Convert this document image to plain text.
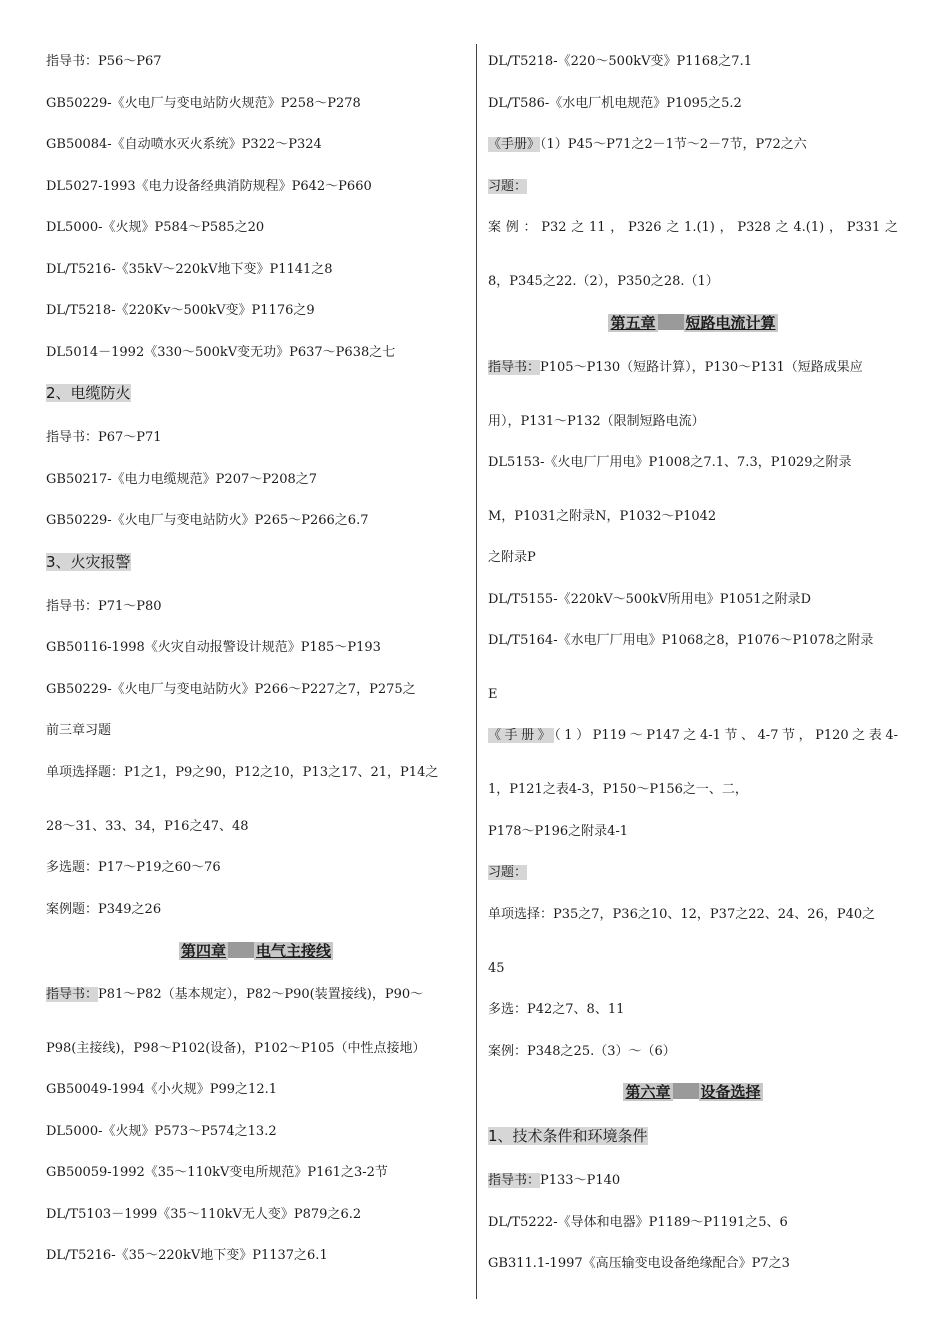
指导书：P56～P67
GB50229-《火电厂与变电站防火规范》P258～P278
GB50084-《自动喷水灭火系统》P322～P324
DL5027-1993《电力设备经典消防规程》P642～P660
DL5000-《火规》P584～P585之20
DL/T5216-《35kV～220kV地下变》P1141之8
DL/T5218-《220Kv～500kV变》P1176之9
DL5014－1992《330～500kV变无功》P637～P638之七
2、电缆防火
指导书：P67～P71
GB50217-《电力电缆规范》P207～P208之7
GB50229-《火电厂与变电站防火》P265～P266之6.7
3、火灾报警
指导书：P71～P80
GB50116-1998《火灾自动报警设计规范》P185～P193
GB50229-《火电厂与变电站防火》P266～P227之7，P275之
前三章习题
单项选择题：P1之1，P9之90，P12之10，P13之17、21，P14之
28～31、33、34，P16之47、48
多选题：P17～P19之60～76
案例题：P349之26
第四章 电气主接线
指导书：P81～P82（基本规定），P82～P90(装置接线)，P90～
P98(主接线)，P98～P102(设备)，P102～P105（中性点接地）
GB50049-1994《小火规》P99之12.1
DL5000-《火规》P573～P574之13.2
GB50059-1992《35～110kV变电所规范》P161之3-2节
DL/T5103－1999《35～110kV无人变》P879之6.2
DL/T5216-《35～220kV地下变》P1137之6.1
DL/T5218-《220～500kV变》P1168之7.1
DL/T586-《水电厂机电规范》P1095之5.2
《手册》（1）P45～P71之2－1节～2－7节，P72之六
习题：
案例：P32之11，P326之1.(1)，P328之4.(1)，P331之
8，P345之22.（2），P350之28.（1）
第五章 短路电流计算
指导书：P105～P130（短路计算），P130～P131（短路成果应
用），P131～P132（限制短路电流）
DL5153-《火电厂厂用电》P1008之7.1、7.3，P1029之附录
M，P1031之附录N，P1032～P1042
之附录P
DL/T5155-《220kV～500kV所用电》P1051之附录D
DL/T5164-《水电厂厂用电》P1068之8，P1076～P1078之附录
E
《手册》（1）P119～P147之4-1节、4-7节，P120之表4-
1，P121之表4-3，P150～P156之一、二，
P178～P196之附录4-1
习题：
单项选择：P35之7，P36之10、12，P37之22、24、26，P40之
45
多选：P42之7、8、11
案例：P348之25.（3）～（6）
第六章 设备选择
1、技术条件和环境条件
指导书：P133～P140
DL/T5222-《导体和电器》P1189～P1191之5、6
GB311.1-1997《高压输变电设备绝缘配合》P7之3
